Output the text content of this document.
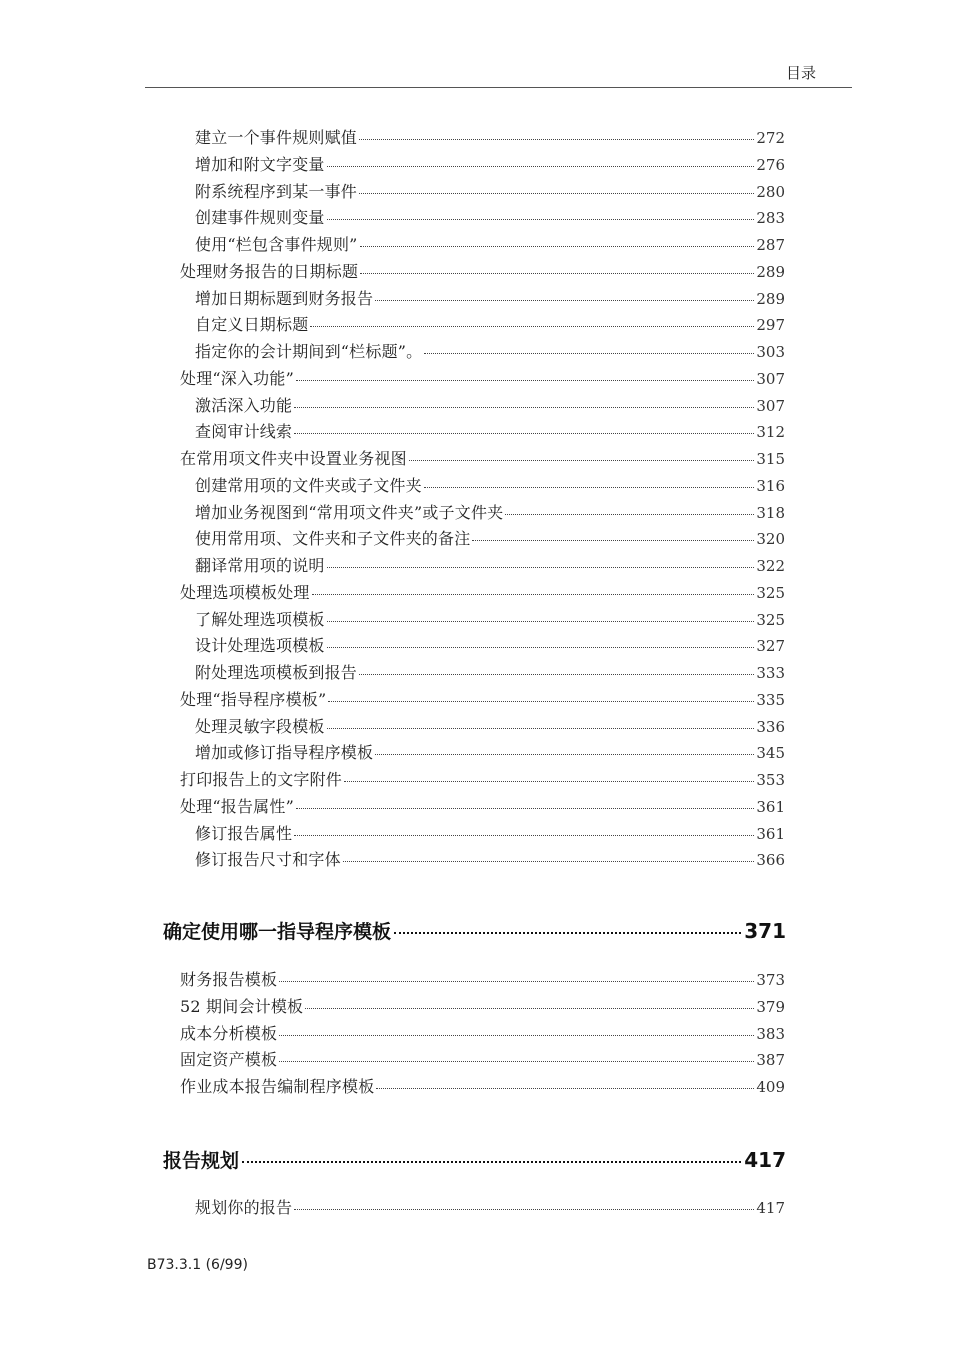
目录
建立一个事件规则赋值	272
增加和附文字变量	276
附系统程序到某一事件	280
创建事件规则变量	283
使用“栏包含事件规则”	287
处理财务报告的日期标题	289
增加日期标题到财务报告	289
自定义日期标题	297
指定你的会计期间到“栏标题”。	303
处理“深入功能”	307
激活深入功能	307
查阅审计线索	312
在常用项文件夹中设置业务视图	315
创建常用项的文件夹或子文件夹	316
增加业务视图到“常用项文件夹”或子文件夹	318
使用常用项、文件夹和子文件夹的备注	320
翻译常用项的说明	322
处理选项模板处理	325
了解处理选项模板	325
设计处理选项模板	327
附处理选项模板到报告	333
处理“指导程序模板”	335
处理灵敏字段模板	336
增加或修订指导程序模板	345
打印报告上的文字附件	353
处理“报告属性”	361
修订报告属性	361
修订报告尺寸和字体	366
确定使用哪一指导程序模板	371
财务报告模板	373
52 期间会计模板	379
成本分析模板	383
固定资产模板	387
作业成本报告编制程序模板	409
报告规划	417
规划你的报告	417
B73.3.1 (6/99)
